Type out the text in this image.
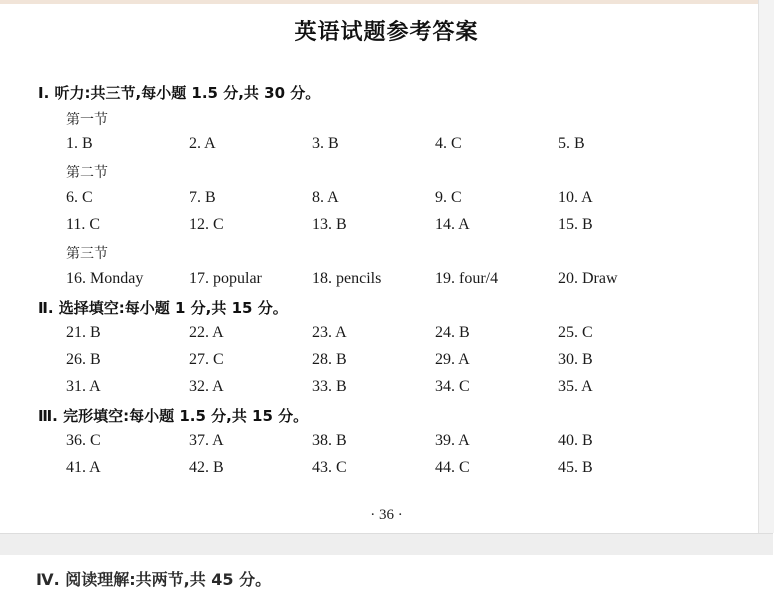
英语试题参考答案
Ⅰ. 听力:共三节,每小题 1.5 分,共 30 分。
第一节
1. B	2. A	3. B	4. C	5. B
第二节
6. C	7. B	8. A	9. C	10. A
11. C	12. C	13. B	14. A	15. B
第三节
16. Monday	17. popular	18. pencils	19. four/4	20. Draw
Ⅱ. 选择填空:每小题 1 分,共 15 分。
21. B	22. A	23. A	24. B	25. C
26. B	27. C	28. B	29. A	30. B
31. A	32. A	33. B	34. C	35. A
Ⅲ. 完形填空:每小题 1.5 分,共 15 分。
36. C	37. A	38. B	39. A	40. B
41. A	42. B	43. C	44. C	45. B
· 36 ·
Ⅳ. 阅读理解:共两节,共 45 分。
